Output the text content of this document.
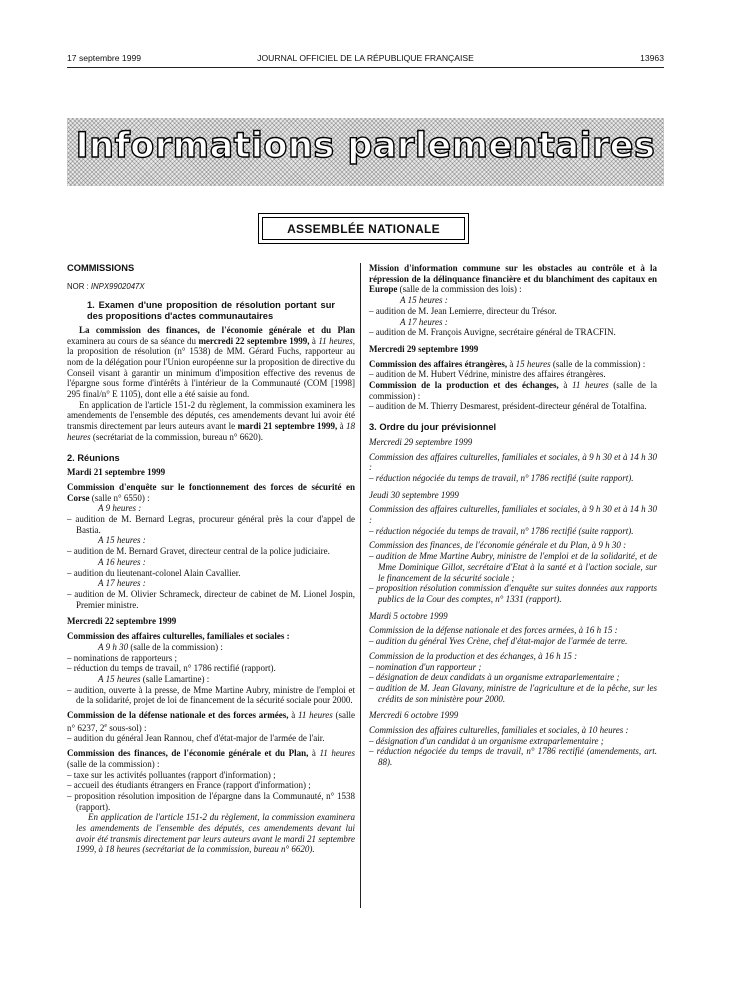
17 septembre 1999	JOURNAL OFFICIEL DE LA RÉPUBLIQUE FRANÇAISE	13963
Informations parlementaires
ASSEMBLÉE NATIONALE

COMMISSIONS

NOR : INPX9902047X

1. Examen d'une proposition de résolution portant sur des propositions d'actes communautaires

La commission des finances, de l'économie générale et du Plan examinera au cours de sa séance du mercredi 22 septembre 1999, à 11 heures, la proposition de résolution (n° 1538) de MM. Gérard Fuchs, rapporteur au nom de la délégation pour l'Union européenne sur la proposition de directive du Conseil visant à garantir un minimum d'imposition effective des revenus de l'épargne sous forme d'intérêts à l'intérieur de la Communauté (COM [1998] 295 final/n° E 1105), dont elle a été saisie au fond.

En application de l'article 151-2 du règlement, la commission examinera les amendements de l'ensemble des députés, ces amendements devant lui avoir été transmis directement par leurs auteurs avant le mardi 21 septembre 1999, à 18 heures (secrétariat de la commission, bureau n° 6620).

2. Réunions

Mardi 21 septembre 1999

Commission d'enquête sur le fonctionnement des forces de sécurité en Corse (salle n° 6550) :

A 9 heures :

– audition de M. Bernard Legras, procureur général près la cour d'appel de Bastia.

A 15 heures :

– audition de M. Bernard Gravet, directeur central de la police judiciaire.

A 16 heures :

– audition du lieutenant-colonel Alain Cavallier.

A 17 heures :

– audition de M. Olivier Schrameck, directeur de cabinet de M. Lionel Jospin, Premier ministre.

Mercredi 22 septembre 1999

Commission des affaires culturelles, familiales et sociales :

A 9 h 30 (salle de la commission) :

– nominations de rapporteurs ;

– réduction du temps de travail, n° 1786 rectifié (rapport).

A 15 heures (salle Lamartine) :

– audition, ouverte à la presse, de Mme Martine Aubry, ministre de l'emploi et de la solidarité, projet de loi de financement de la sécurité sociale pour 2000.

Commission de la défense nationale et des forces armées, à 11 heures (salle n° 6237, 2e sous-sol) :

– audition du général Jean Rannou, chef d'état-major de l'armée de l'air.

Commission des finances, de l'économie générale et du Plan, à 11 heures (salle de la commission) :

– taxe sur les activités polluantes (rapport d'information) ;

– accueil des étudiants étrangers en France (rapport d'information) ;

– proposition résolution imposition de l'épargne dans la Communauté, n° 1538 (rapport).

En application de l'article 151-2 du règlement, la commission examinera les amendements de l'ensemble des députés, ces amendements devant lui avoir été transmis directement par leurs auteurs avant le mardi 21 septembre 1999, à 18 heures (secrétariat de la commission, bureau n° 6620).

Mission d'information commune sur les obstacles au contrôle et à la répression de la délinquance financière et du blanchiment des capitaux en Europe (salle de la commission des lois) :

A 15 heures :

– audition de M. Jean Lemierre, directeur du Trésor.

A 17 heures :

– audition de M. François Auvigne, secrétaire général de TRACFIN.

Mercredi 29 septembre 1999

Commission des affaires étrangères, à 15 heures (salle de la commission) :

– audition de M. Hubert Védrine, ministre des affaires étrangères.

Commission de la production et des échanges, à 11 heures (salle de la commission) :

– audition de M. Thierry Desmarest, président-directeur général de Totalfina.

3. Ordre du jour prévisionnel

Mercredi 29 septembre 1999

Commission des affaires culturelles, familiales et sociales, à 9 h 30 et à 14 h 30 :

– réduction négociée du temps de travail, n° 1786 rectifié (suite rapport).

Jeudi 30 septembre 1999

Commission des affaires culturelles, familiales et sociales, à 9 h 30 et à 14 h 30 :

– réduction négociée du temps de travail, n° 1786 rectifié (suite rapport).

Commission des finances, de l'économie générale et du Plan, à 9 h 30 :

– audition de Mme Martine Aubry, ministre de l'emploi et de la solidarité, et de Mme Dominique Gillot, secrétaire d'Etat à la santé et à l'action sociale, sur le financement de la sécurité sociale ;

– proposition résolution commission d'enquête sur suites données aux rapports publics de la Cour des comptes, n° 1331 (rapport).

Mardi 5 octobre 1999

Commission de la défense nationale et des forces armées, à 16 h 15 :

– audition du général Yves Crène, chef d'état-major de l'armée de terre.

Commission de la production et des échanges, à 16 h 15 :

– nomination d'un rapporteur ;

– désignation de deux candidats à un organisme extraparlementaire ;

– audition de M. Jean Glavany, ministre de l'agriculture et de la pêche, sur les crédits de son ministère pour 2000.

Mercredi 6 octobre 1999

Commission des affaires culturelles, familiales et sociales, à 10 heures :

– désignation d'un candidat à un organisme extraparlementaire ;

– réduction négociée du temps de travail, n° 1786 rectifié (amendements, art. 88).
